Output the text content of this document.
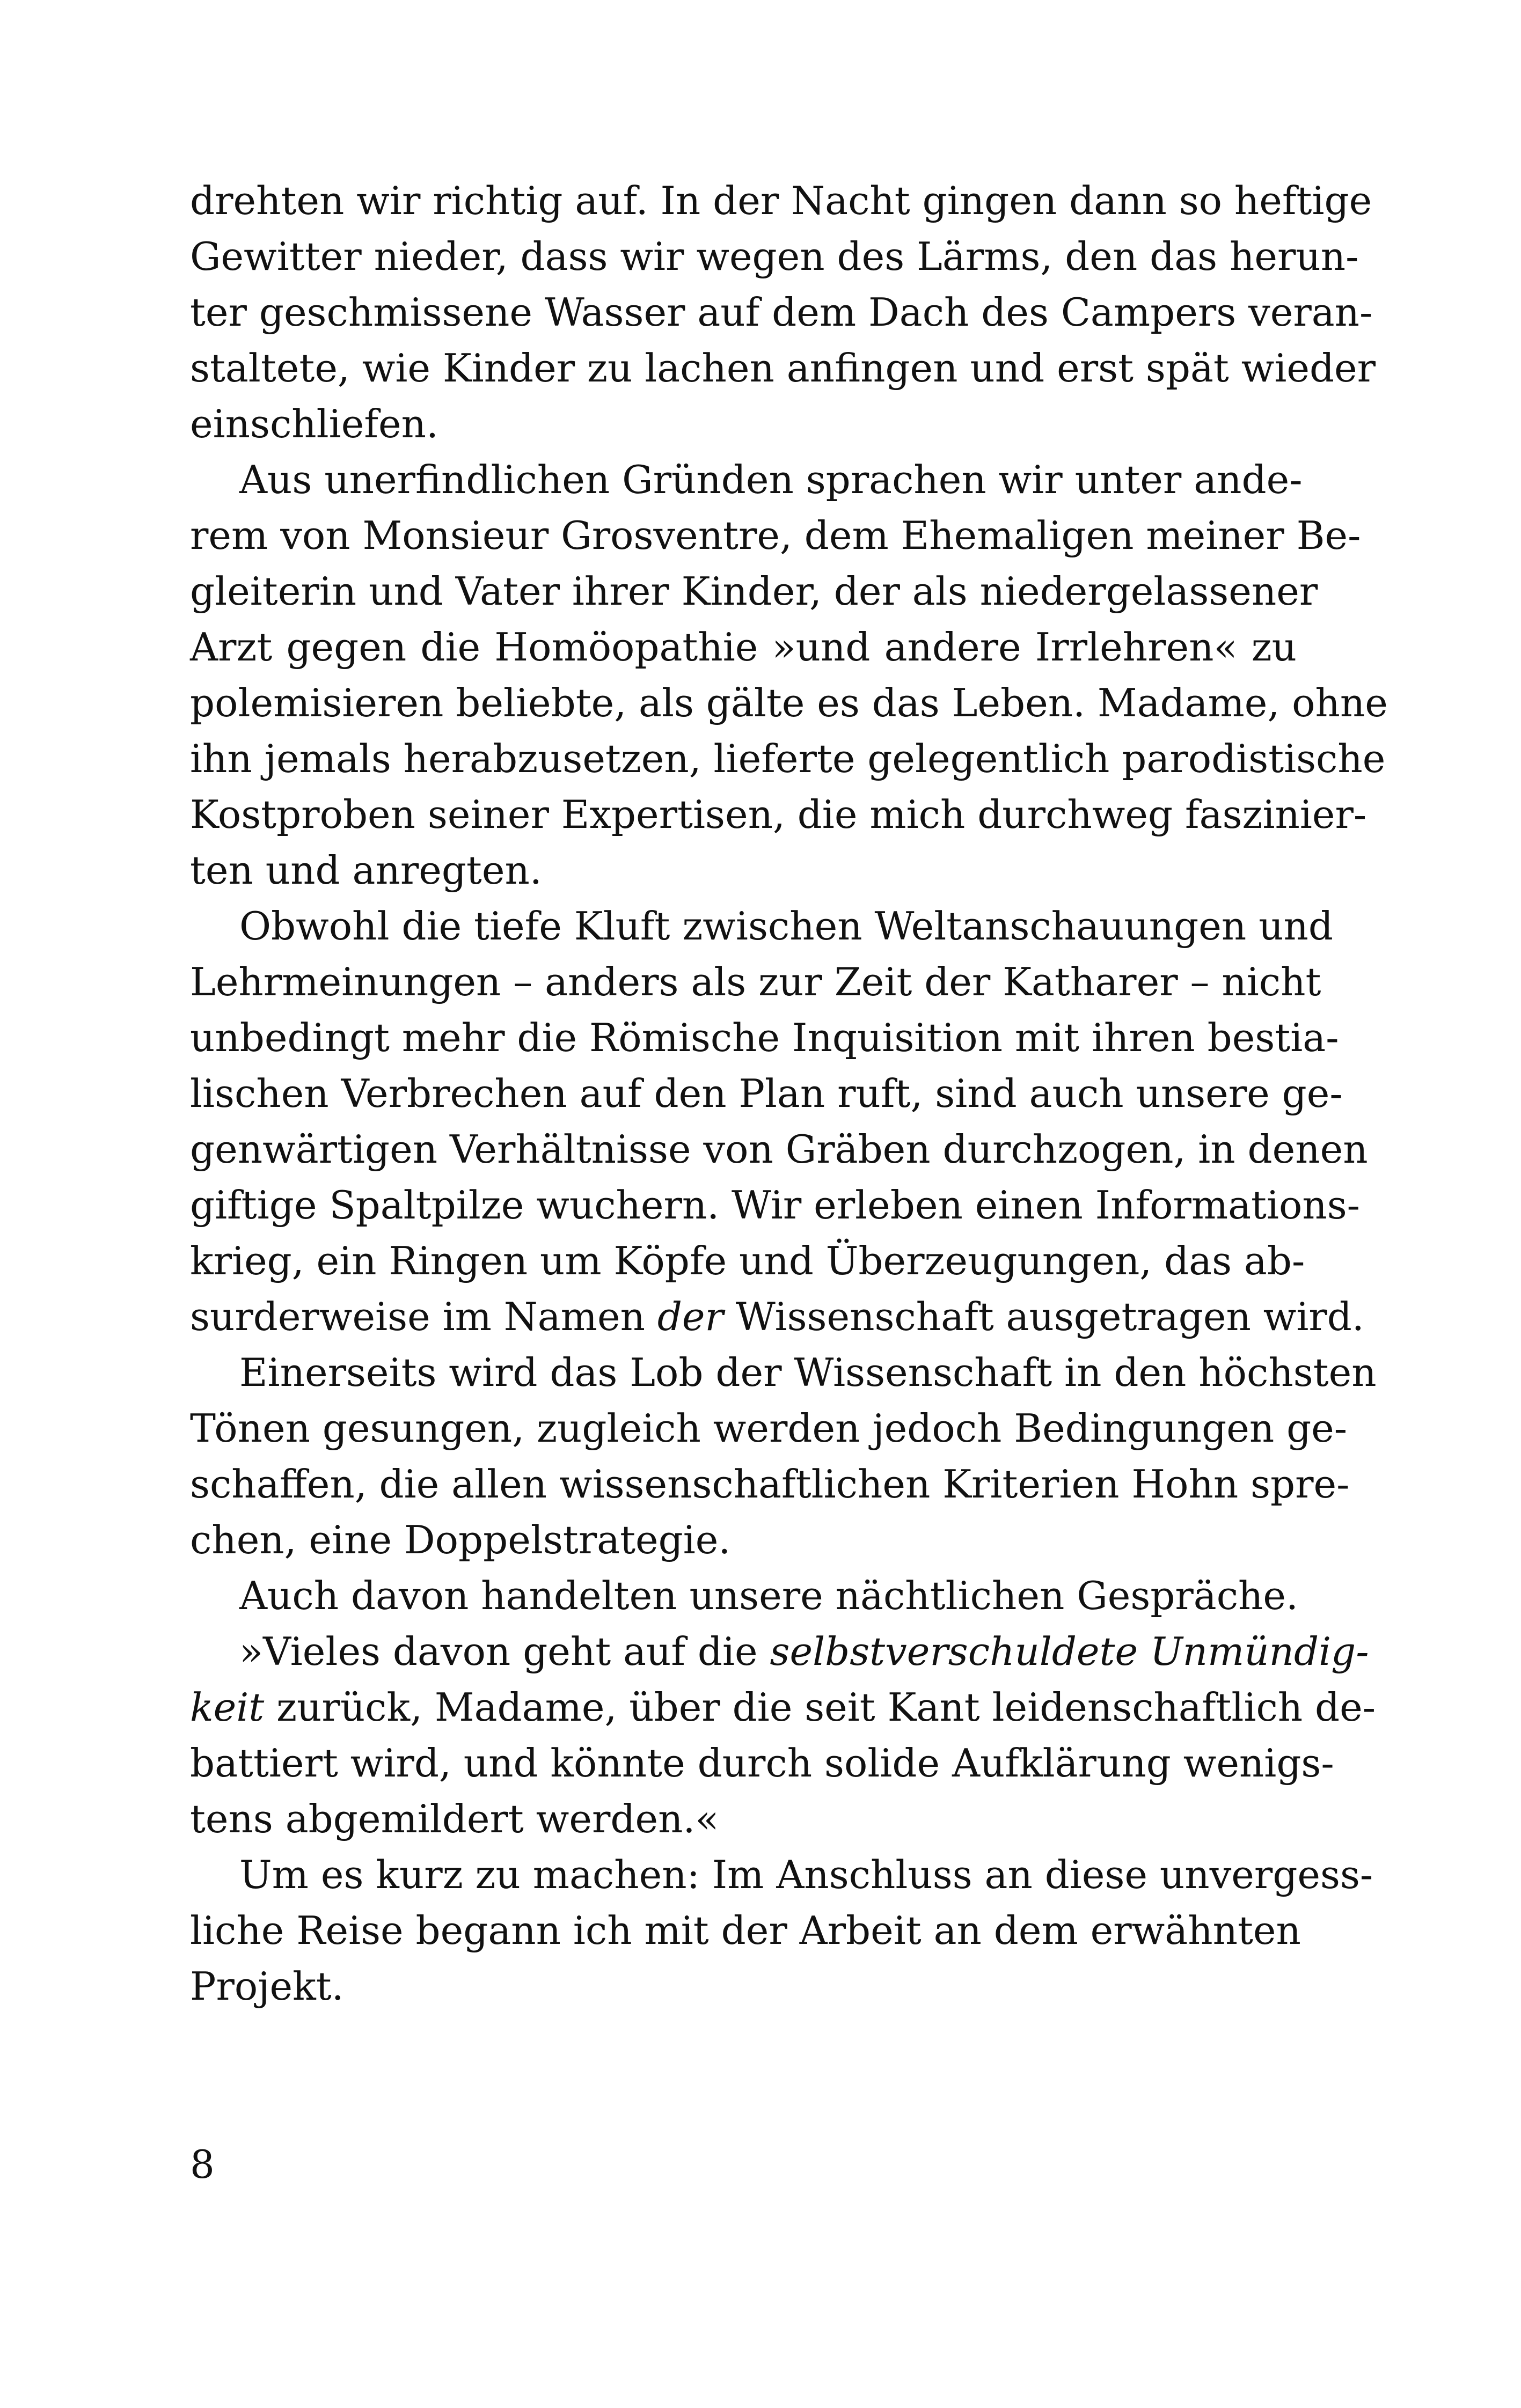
drehten wir richtig auf. In der Nacht gingen dann so heftige
Gewitter nieder, dass wir wegen des Lärms, den das herun-
ter geschmissene Wasser auf dem Dach des Campers veran-
staltete, wie Kinder zu lachen anfingen und erst spät wieder
einschliefen.
Aus unerfindlichen Gründen sprachen wir unter ande-
rem von Monsieur Grosventre, dem Ehemaligen meiner Be-
gleiterin und Vater ihrer Kinder, der als niedergelassener
Arzt gegen die Homöopathie »und andere Irrlehren« zu
polemisieren beliebte, als gälte es das Leben. Madame, ohne
ihn jemals herabzusetzen, lieferte gelegentlich parodistische
Kostproben seiner Expertisen, die mich durchweg faszinier-
ten und anregten.
Obwohl die tiefe Kluft zwischen Weltanschauungen und
Lehrmeinungen – anders als zur Zeit der Katharer – nicht
unbedingt mehr die Römische Inquisition mit ihren bestia-
lischen Verbrechen auf den Plan ruft, sind auch unsere ge-
genwärtigen Verhältnisse von Gräben durchzogen, in denen
giftige Spaltpilze wuchern. Wir erleben einen Informations-
krieg, ein Ringen um Köpfe und Überzeugungen, das ab-
surderweise im Namen der Wissenschaft ausgetragen wird.
Einerseits wird das Lob der Wissenschaft in den höchsten
Tönen gesungen, zugleich werden jedoch Bedingungen ge-
schaffen, die allen wissenschaftlichen Kriterien Hohn spre-
chen, eine Doppelstrategie.
Auch davon handelten unsere nächtlichen Gespräche.
»Vieles davon geht auf die selbstverschuldete Unmündig-
keit zurück, Madame, über die seit Kant leidenschaftlich de-
battiert wird, und könnte durch solide Aufklärung wenigs-
tens abgemildert werden.«
Um es kurz zu machen: Im Anschluss an diese unvergess-
liche Reise begann ich mit der Arbeit an dem erwähnten
Projekt.
8
